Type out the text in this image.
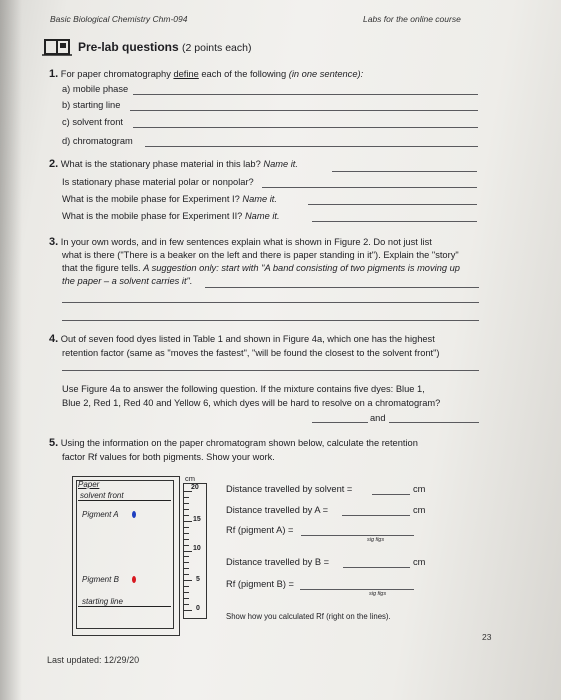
Basic Biological Chemistry Chm-094	Labs for the online course
Pre-lab questions (2 points each)
1. For paper chromatography define each of the following (in one sentence):
a) mobile phase
b) starting line
c) solvent front
d) chromatogram
2. What is the stationary phase material in this lab? Name it.
Is stationary phase material polar or nonpolar?
What is the mobile phase for Experiment I? Name it.
What is the mobile phase for Experiment II? Name it.
3. In your own words, and in few sentences explain what is shown in Figure 2. Do not just list
what is there ("There is a beaker on the left and there is paper standing in it"). Explain the "story"
that the figure tells. A suggestion only: start with "A band consisting of two pigments is moving up
the paper – a solvent carries it".
4. Out of seven food dyes listed in Table 1 and shown in Figure 4a, which one has the highest
retention factor (same as "moves the fastest", "will be found the closest to the solvent front")
Use Figure 4a to answer the following question. If the mixture contains five dyes: Blue 1,
Blue 2, Red 1, Red 40 and Yellow 6, which dyes will be hard to resolve on a chromatogram?
and
5. Using the information on the paper chromatogram shown below, calculate the retention
factor Rf values for both pigments. Show your work.
Paper
solvent front
Pigment A
Pigment B
starting line
cm
20
15
10
5
0
Distance travelled by solvent =	cm
Distance travelled by A =	cm
Rf (pigment A) =
sig figs
Distance travelled by B =	cm
Rf (pigment B) =
sig figs
Show how you calculated Rf (right on the lines).
23
Last updated: 12/29/20
